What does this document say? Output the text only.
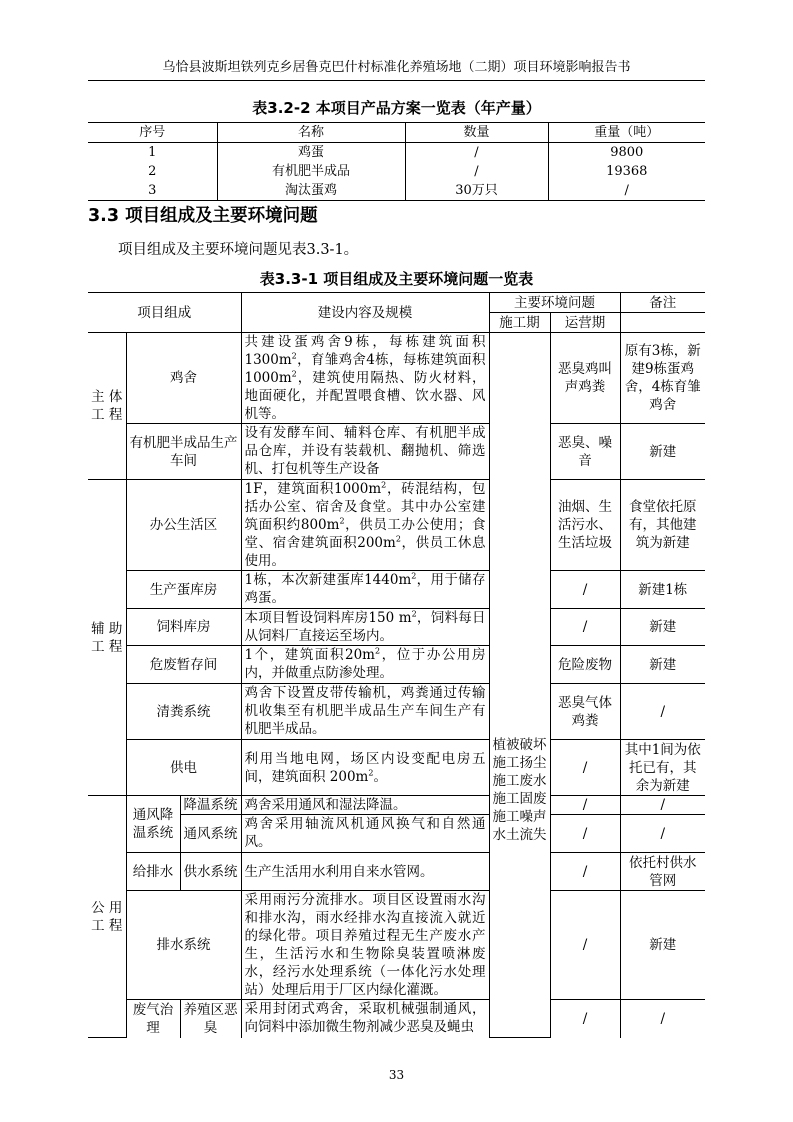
乌恰县波斯坦铁列克乡居鲁克巴什村标准化养殖场地（二期）项目环境影响报告书
表3.2-2 本项目产品方案一览表（年产量）
序号	名称	数量	重量（吨）
1	鸡蛋	/	9800
2	有机肥半成品	/	19368
3	淘汰蛋鸡	30万只	/
3.3 项目组成及主要环境问题
项目组成及主要环境问题见表3.3-1。
表3.3-1 项目组成及主要环境问题一览表
项目组成			建设内容及规模	主要环境问题		备注
				施工期	运营期	
主 体 工 程	鸡舍		共建设蛋鸡舍9栋，每栋建筑面积$1300m^2$，育雏鸡舍4栋，每栋建筑面积$1000m^2$，建筑使用隔热、防火材料，地面硬化，并配置喂食槽、饮水器、风机等。	植被破坏施工扬尘施工废水施工固废施工噪声水土流失	恶臭鸡叫声鸡粪	原有3栋，新建9栋蛋鸡舍，4栋育雏鸡舍
	有机肥半成品生产车间		设有发酵车间、辅料仓库、有机肥半成品仓库，并设有装载机、翻抛机、筛选机、打包机等生产设备		恶臭、噪音	新建
辅 助 工 程	办公生活区		1F，建筑面积$1000m^2$，砖混结构，包括办公室、宿舍及食堂。其中办公室建筑面积约$800m^2$，供员工办公使用；食堂、宿舍建筑面积$200m^2$，供员工休息使用。		油烟、生活污水、生活垃圾	食堂依托原有，其他建筑为新建
	生产蛋库房		1栋，本次新建蛋库$1440m^2$，用于储存鸡蛋。		/	新建1栋
	饲料库房		本项目暂设饲料库房150 $m^2$，饲料每日从饲料厂直接运至场内。		/	新建
	危废暂存间		1个，建筑面积$20m^2$，位于办公用房内，并做重点防渗处理。		危险废物	新建
	清粪系统		鸡舍下设置皮带传输机，鸡粪通过传输机收集至有机肥半成品生产车间生产有机肥半成品。		恶臭气体鸡粪	/
	供电		利用当地电网，场区内设变配电房五间，建筑面积 $200m^2$。		/	其中1间为依托已有，其余为新建
公 用 工 程	通风降温系统	降温系统	鸡舍采用通风和湿法降温。		/	/
		通风系统	鸡舍采用轴流风机通风换气和自然通风。		/	/
	给排水	供水系统	生产生活用水利用自来水管网。		/	依托村供水管网
	排水系统		采用雨污分流排水。项目区设置雨水沟和排水沟，雨水经排水沟直接流入就近的绿化带。项目养殖过程无生产废水产生，生活污水和生物除臭装置喷淋废水，经污水处理系统（一体化污水处理站）处理后用于厂区内绿化灌溉。		/	新建
	废气治理	养殖区恶臭	采用封闭式鸡舍，采取机械强制通风，向饲料中添加微生物剂减少恶臭及蝇虫		/	/
33
